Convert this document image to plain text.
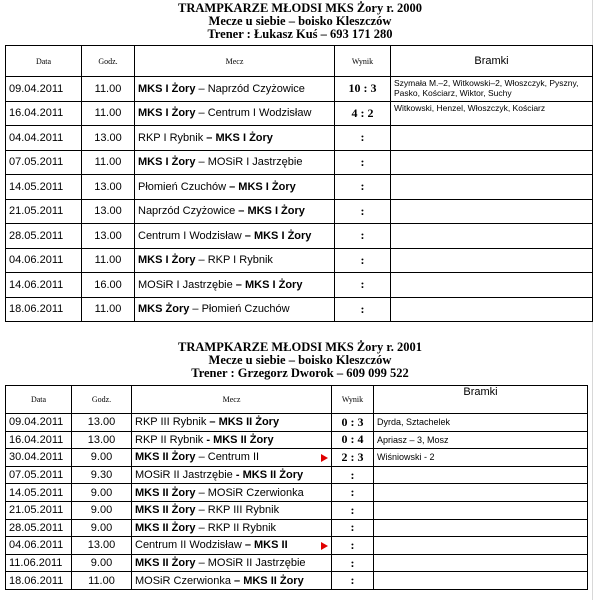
TRAMPKARZE MŁODSI MKS Żory r. 2000
Mecze u siebie – boisko Kleszczów
Trener : Łukasz Kuś – 693 171 280
Data	Godz.	Mecz	Wynik	Bramki
09.04.2011	11.00	MKS I Żory – Naprzód Czyżowice	10 : 3	Szymała M.–2, Witkowski–2, Włoszczyk, Pyszny, Pasko, Kościarz, Wiktor, Suchy
16.04.2011	11.00	MKS I Żory – Centrum I Wodzisław	4 : 2	Witkowski, Henzel, Włoszczyk, Kościarz
04.04.2011	13.00	RKP I Rybnik – MKS I Żory	:	
07.05.2011	11.00	MKS I Żory – MOSiR I Jastrzębie	:	
14.05.2011	13.00	Płomień Czuchów – MKS I Żory	:	
21.05.2011	13.00	Naprzód Czyżowice – MKS I Żory	:	
28.05.2011	13.00	Centrum I Wodzisław – MKS I Żory	:	
04.06.2011	11.00	MKS I Żory – RKP I Rybnik	:	
14.06.2011	16.00	MOSiR I Jastrzębie – MKS I Żory	:	
18.06.2011	11.00	MKS Żory – Płomień Czuchów	:	
TRAMPKARZE MŁODSI MKS Żory r. 2001
Mecze u siebie – boisko Kleszczów
Trener : Grzegorz Dworok – 609 099 522
Data	Godz.	Mecz	Wynik	Bramki
09.04.2011	13.00	RKP III Rybnik – MKS II Żory	0 : 3	Dyrda, Sztachelek
16.04.2011	13.00	RKP II Rybnik - MKS II Żory	0 : 4	Apriasz – 3, Mosz
30.04.2011	9.00	MKS II Żory – Centrum II	2 : 3	Wiśniowski - 2
07.05.2011	9.30	MOSiR II Jastrzębie - MKS II Żory	:	
14.05.2011	9.00	MKS II Żory – MOSiR Czerwionka	:	
21.05.2011	9.00	MKS II Żory – RKP III Rybnik	:	
28.05.2011	9.00	MKS II Żory – RKP II Rybnik	:	
04.06.2011	13.00	Centrum II Wodzisław – MKS II	:	
11.06.2011	9.00	MKS II Żory – MOSiR II Jastrzębie	:	
18.06.2011	11.00	MOSiR Czerwionka – MKS II Żory	:	
